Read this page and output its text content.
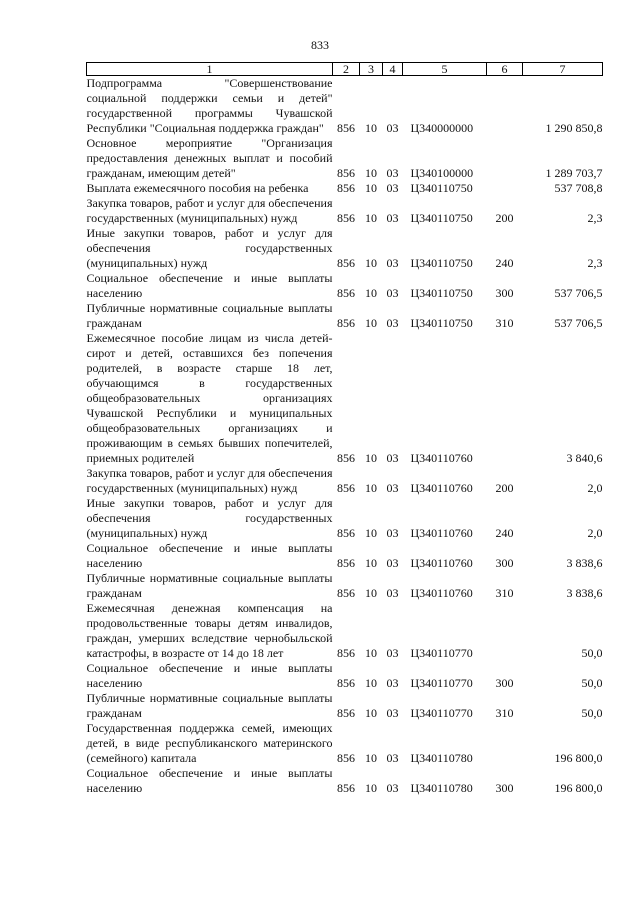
833
1	2	3	4	5	6	7
Подпрограмма "Совершенствование социальной поддержки семьи и детей" государственной программы Чувашской Республики "Социальная поддержка граждан"	856	10	03	Ц340000000		1 290 850,8
Основное мероприятие "Организация предоставления денежных выплат и пособий гражданам, имеющим детей"	856	10	03	Ц340100000		1 289 703,7
Выплата ежемесячного пособия на ребенка	856	10	03	Ц340110750		537 708,8
Закупка товаров, работ и услуг для обеспечения государственных (муниципальных) нужд	856	10	03	Ц340110750	200	2,3
Иные закупки товаров, работ и услуг для обеспечения государственных (муниципальных) нужд	856	10	03	Ц340110750	240	2,3
Социальное обеспечение и иные выплаты населению	856	10	03	Ц340110750	300	537 706,5
Публичные нормативные социальные выплаты гражданам	856	10	03	Ц340110750	310	537 706,5
Ежемесячное пособие лицам из числа детей-сирот и детей, оставшихся без попечения родителей, в возрасте старше 18 лет, обучающимся в государственных общеобразовательных организациях Чувашской Республики и муниципальных общеобразовательных организациях и проживающим в семьях бывших попечителей, приемных родителей	856	10	03	Ц340110760		3 840,6
Закупка товаров, работ и услуг для обеспечения государственных (муниципальных) нужд	856	10	03	Ц340110760	200	2,0
Иные закупки товаров, работ и услуг для обеспечения государственных (муниципальных) нужд	856	10	03	Ц340110760	240	2,0
Социальное обеспечение и иные выплаты населению	856	10	03	Ц340110760	300	3 838,6
Публичные нормативные социальные выплаты гражданам	856	10	03	Ц340110760	310	3 838,6
Ежемесячная денежная компенсация на продовольственные товары детям инвалидов, граждан, умерших вследствие чернобыльской катастрофы, в возрасте от 14 до 18 лет	856	10	03	Ц340110770		50,0
Социальное обеспечение и иные выплаты населению	856	10	03	Ц340110770	300	50,0
Публичные нормативные социальные выплаты гражданам	856	10	03	Ц340110770	310	50,0
Государственная поддержка семей, имеющих детей, в виде республиканского материнского (семейного) капитала	856	10	03	Ц340110780		196 800,0
Социальное обеспечение и иные выплаты населению	856	10	03	Ц340110780	300	196 800,0
